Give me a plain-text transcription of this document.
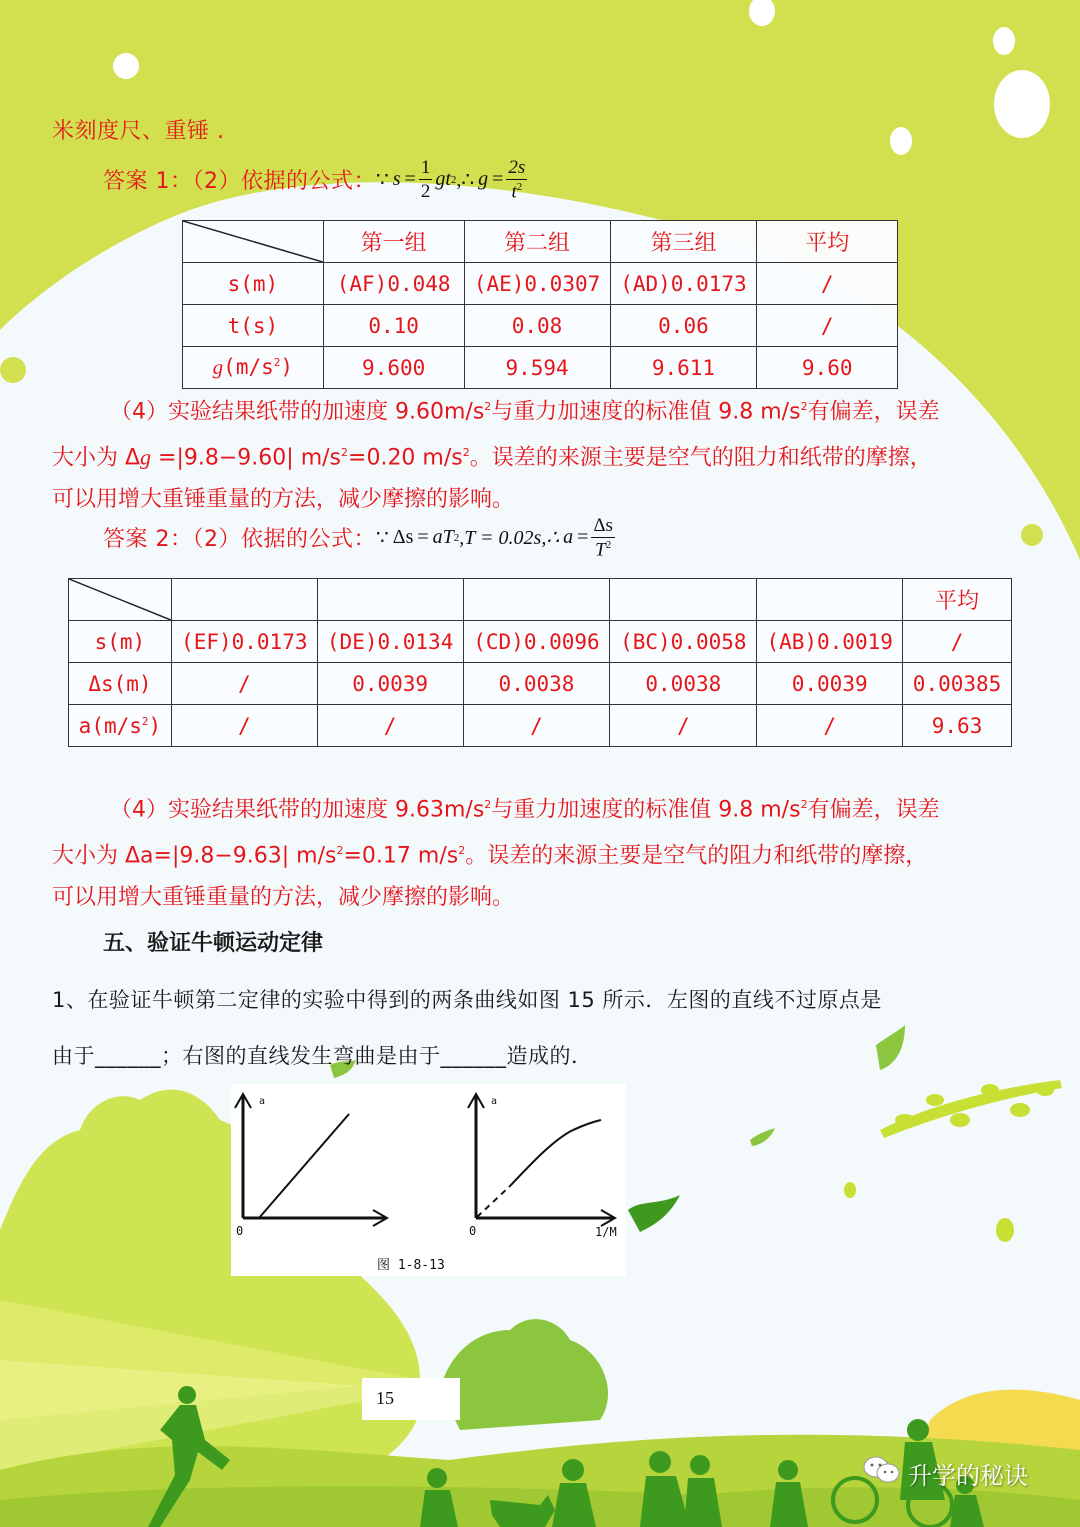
米刻度尺、重锤 .
答案 1：（2）依据的公式： ∵ $s = \frac{1}{2}$ gt 2 ,∴ $g = \frac{2s}{t^2}$
	第一组	第二组	第三组	平均
s(m)	(AF)0.048	(AE)0.0307	(AD)0.0173	/
t(s)	0.10	0.08	0.06	/
$g(m/s^2)$	9.600	9.594	9.611	9.60
（4）实验结果纸带的加速度 $9.60m/s^2$与重力加速度的标准值 9.8 $m/s^2$有偏差，误差
大小为 Δg =|9.8−9.60| $m/s^2=0.20$ $m/s^2$。误差的来源主要是空气的阻力和纸带的摩擦，
可以用增大重锤重量的方法，减少摩擦的影响。
答案 2：（2）依据的公式： ∵ Δs = aT 2 ,T = 0.02s,∴ $a = \frac{\Delta s}{T^2}$
						平均
s(m)	(EF)0.0173	(DE)0.0134	(CD)0.0096	(BC)0.0058	(AB)0.0019	/
Δs(m)	/	0.0039	0.0038	0.0038	0.0039	0.00385
$a(m/s^2)$	/	/	/	/	/	9.63
（4）实验结果纸带的加速度 $9.63m/s^2$与重力加速度的标准值 9.8 $m/s^2$有偏差，误差
大小为 Δa=|9.8−9.63| $m/s^2=0.17$ $m/s^2$。误差的来源主要是空气的阻力和纸带的摩擦，
可以用增大重锤重量的方法，减少摩擦的影响。
五、验证牛顿运动定律
1、在验证牛顿第二定律的实验中得到的两条曲线如图 15 所示．左图的直线不过原点是
由于______；右图的直线发生弯曲是由于______造成的．
a
0
a
0	1/M
图 1-8-13
15
升学的秘诀
